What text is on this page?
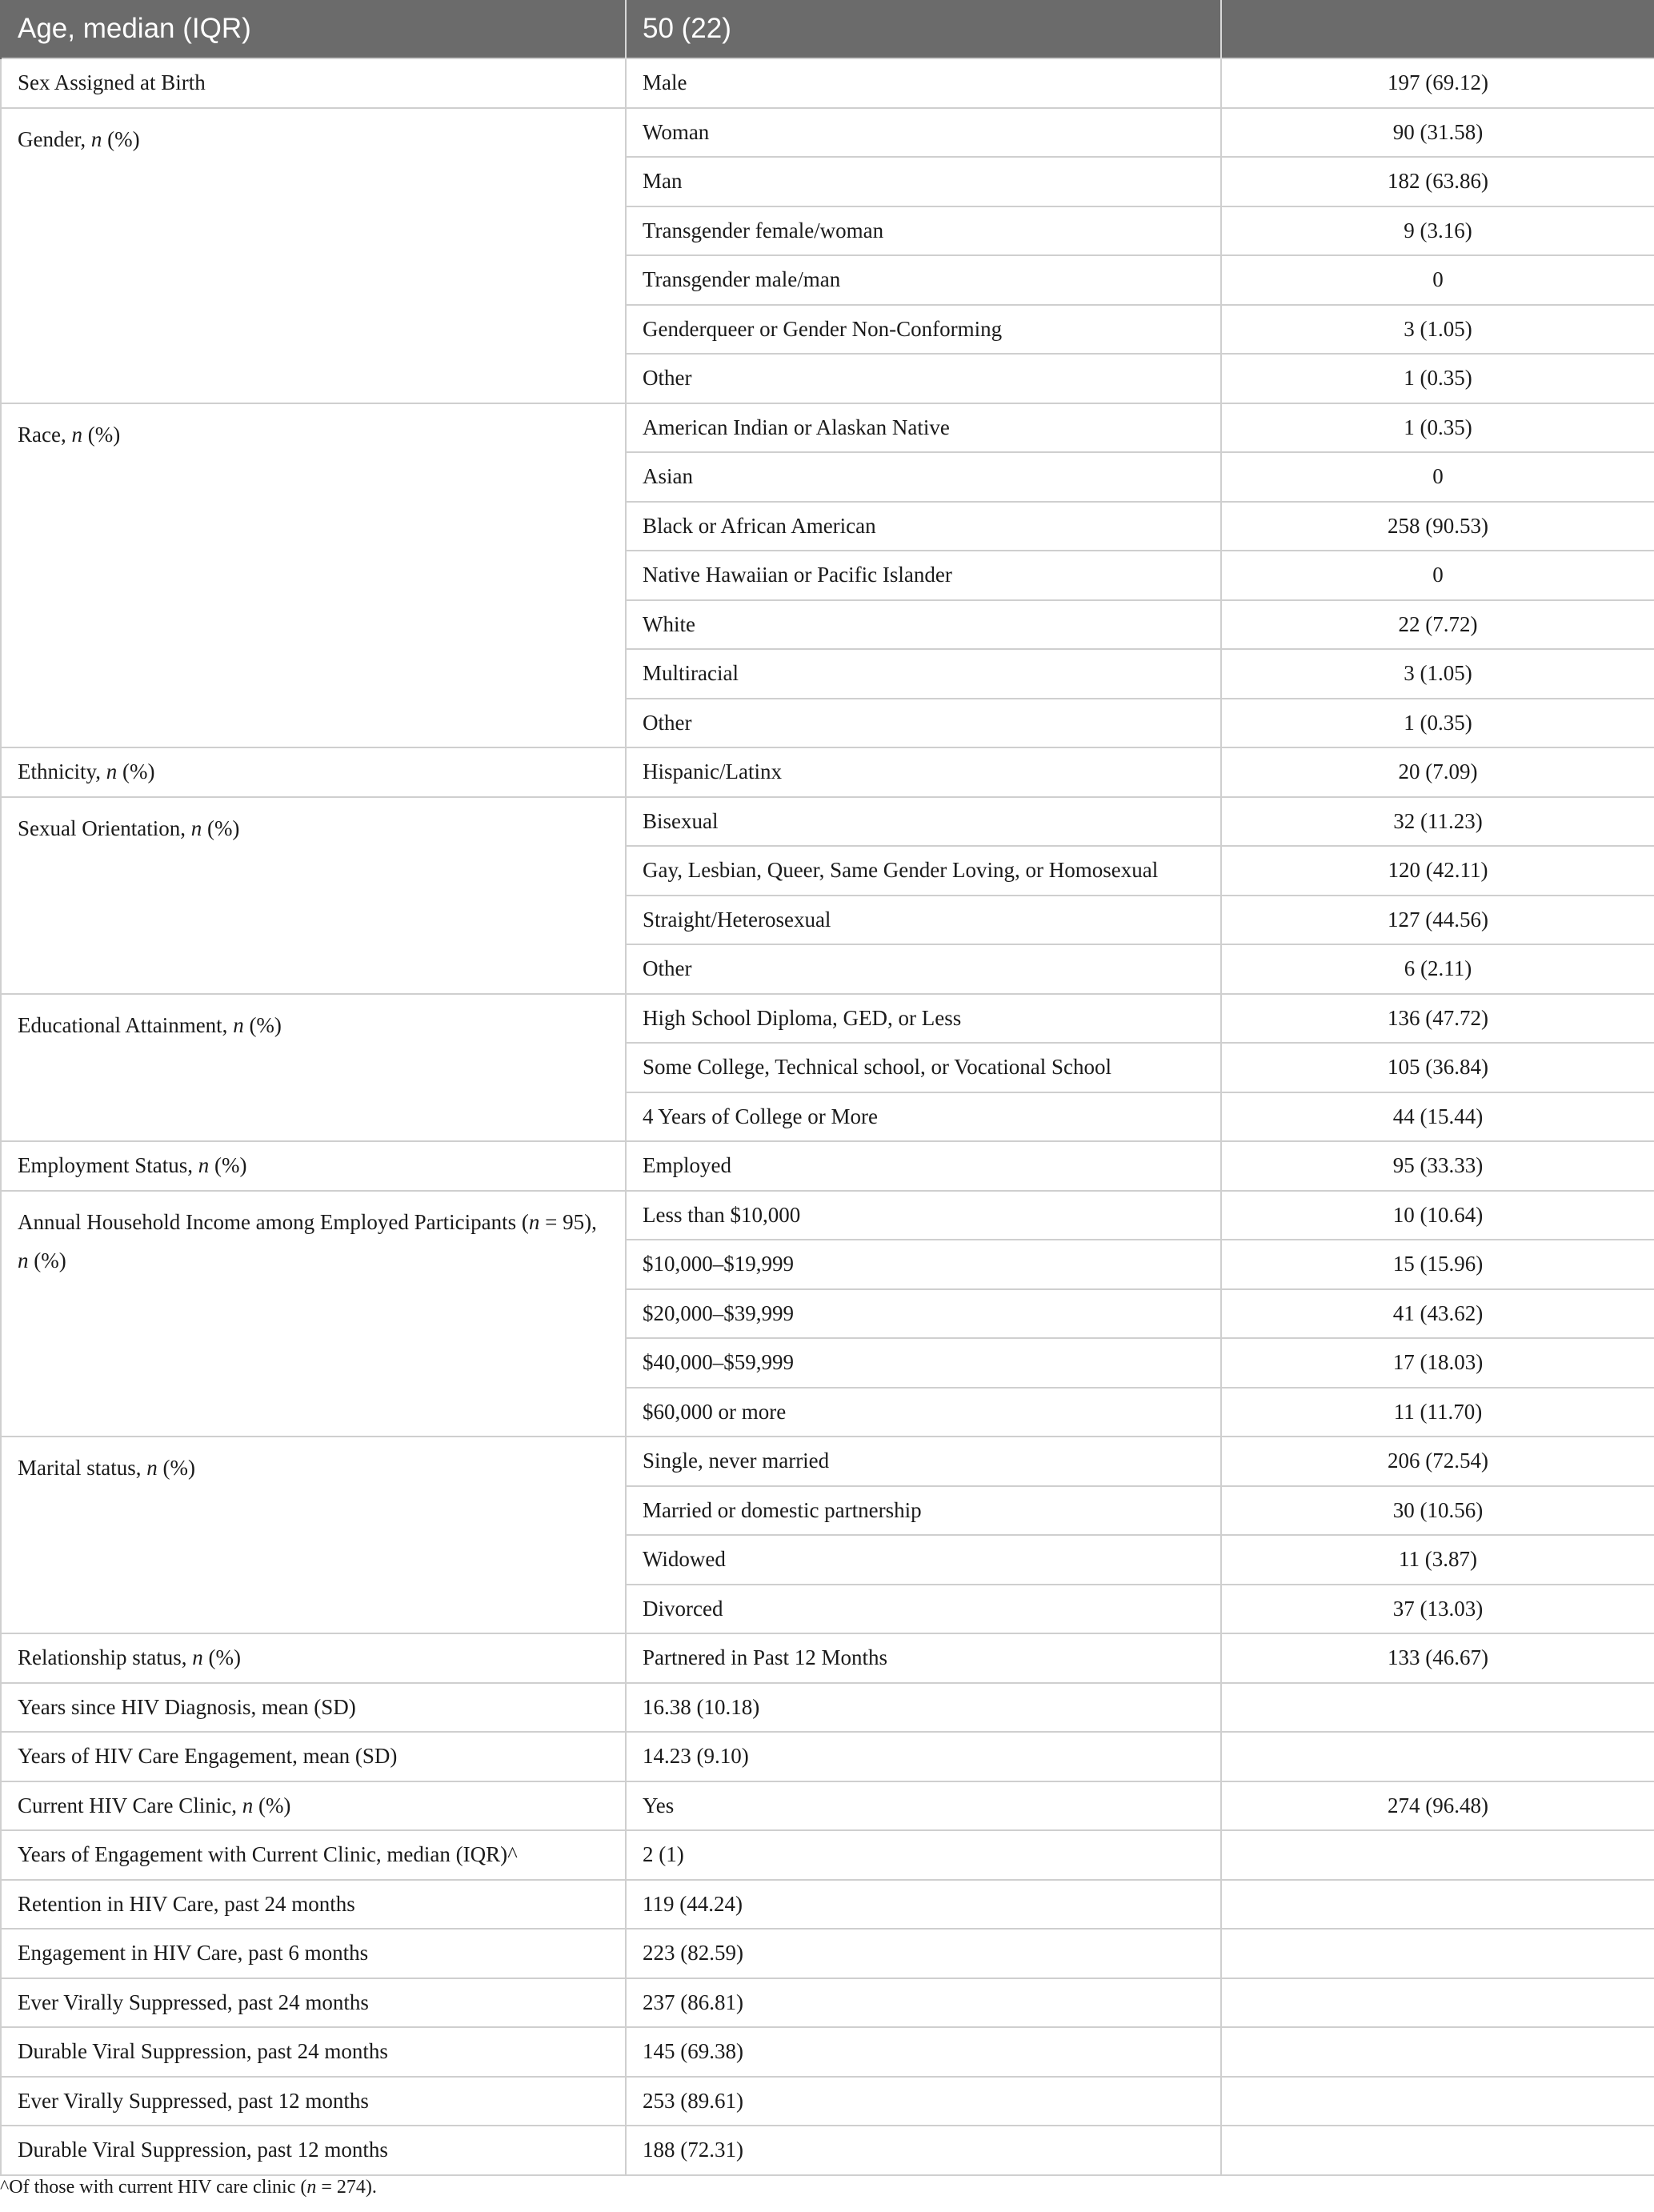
Age, median (IQR)	50 (22)	
Sex Assigned at Birth	Male	197 (69.12)
Gender, n (%)	Woman	90 (31.58)
	Man	182 (63.86)
	Transgender female/woman	9 (3.16)
	Transgender male/man	0
	Genderqueer or Gender Non-Conforming	3 (1.05)
	Other	1 (0.35)
Race, n (%)	American Indian or Alaskan Native	1 (0.35)
	Asian	0
	Black or African American	258 (90.53)
	Native Hawaiian or Pacific Islander	0
	White	22 (7.72)
	Multiracial	3 (1.05)
	Other	1 (0.35)
Ethnicity, n (%)	Hispanic/Latinx	20 (7.09)
Sexual Orientation, n (%)	Bisexual	32 (11.23)
	Gay, Lesbian, Queer, Same Gender Loving, or Homosexual	120 (42.11)
	Straight/Heterosexual	127 (44.56)
	Other	6 (2.11)
Educational Attainment, n (%)	High School Diploma, GED, or Less	136 (47.72)
	Some College, Technical school, or Vocational School	105 (36.84)
	4 Years of College or More	44 (15.44)
Employment Status, n (%)	Employed	95 (33.33)
Annual Household Income among Employed Participants (n = 95), n (%)	Less than $10,000	10 (10.64)
	$10,000–$19,999	15 (15.96)
	$20,000–$39,999	41 (43.62)
	$40,000–$59,999	17 (18.03)
	$60,000 or more	11 (11.70)
Marital status, n (%)	Single, never married	206 (72.54)
	Married or domestic partnership	30 (10.56)
	Widowed	11 (3.87)
	Divorced	37 (13.03)
Relationship status, n (%)	Partnered in Past 12 Months	133 (46.67)
Years since HIV Diagnosis, mean (SD)	16.38 (10.18)	
Years of HIV Care Engagement, mean (SD)	14.23 (9.10)	
Current HIV Care Clinic, n (%)	Yes	274 (96.48)
Years of Engagement with Current Clinic, median (IQR)^	2 (1)	
Retention in HIV Care, past 24 months	119 (44.24)	
Engagement in HIV Care, past 6 months	223 (82.59)	
Ever Virally Suppressed, past 24 months	237 (86.81)	
Durable Viral Suppression, past 24 months	145 (69.38)	
Ever Virally Suppressed, past 12 months	253 (89.61)	
Durable Viral Suppression, past 12 months	188 (72.31)	
^Of those with current HIV care clinic (n = 274).
